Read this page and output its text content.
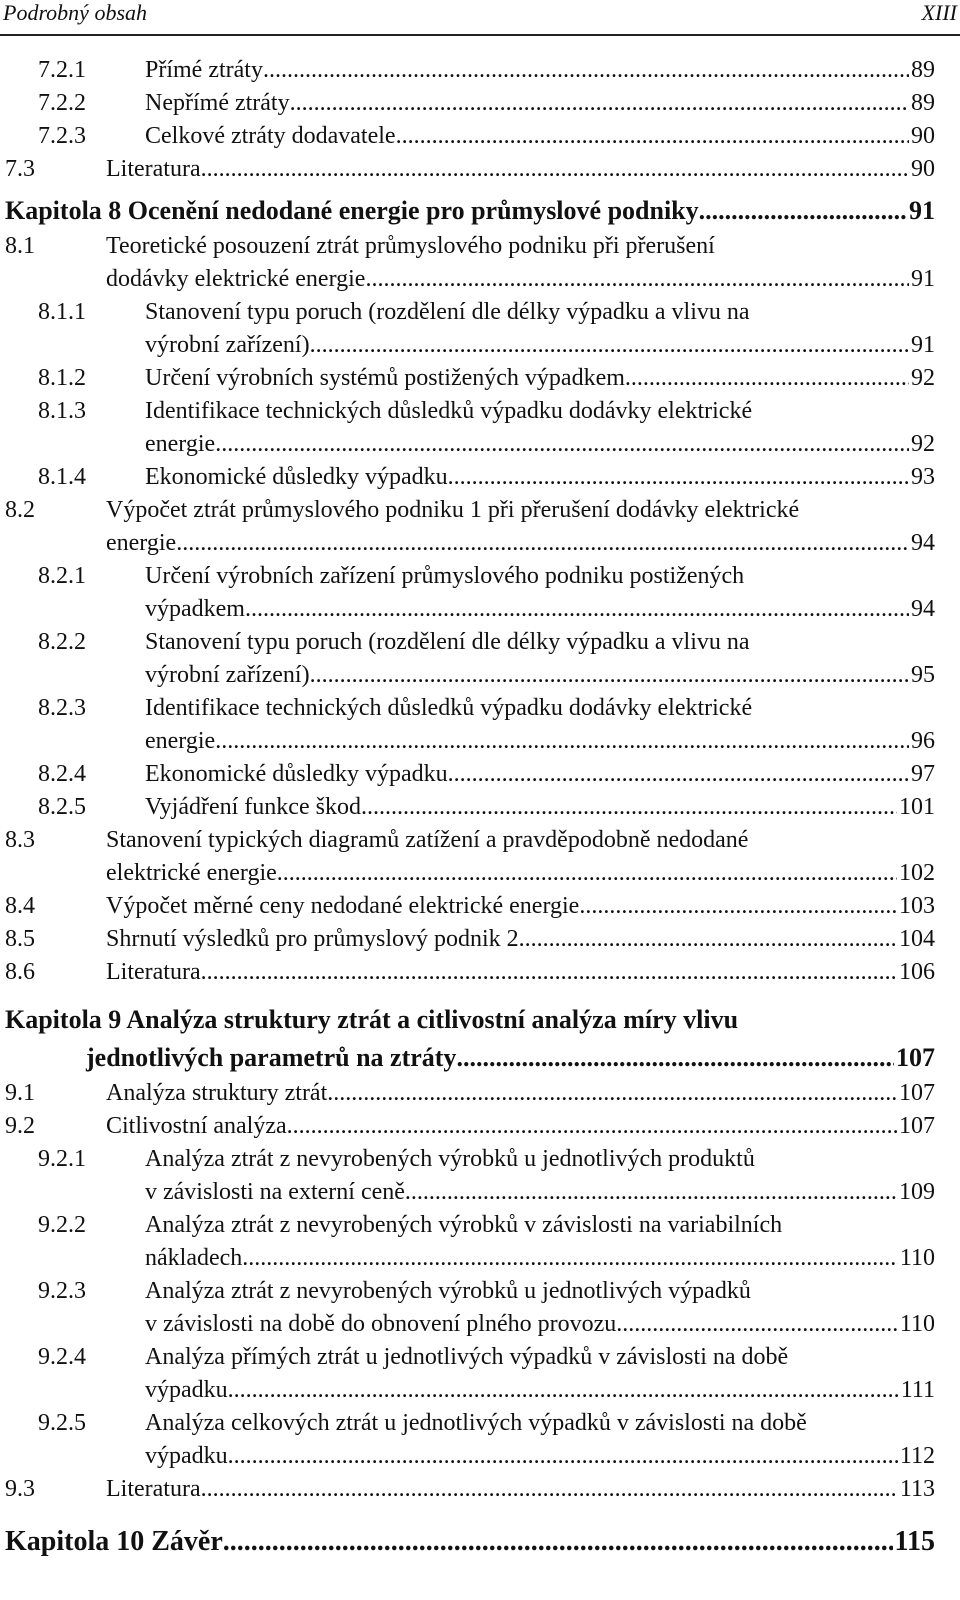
Podrobný obsah	XIII
7.2.1 Přímé ztráty .....	89
7.2.2 Nepřímé ztráty .....	89
7.2.3 Celkové ztráty dodavatele .....	90
7.3	Literatura .....	90
Kapitola 8 Ocenění nedodané energie pro průmyslové podniky .....	91
8.1	Teoretické posouzení ztrát průmyslového podniku při přerušení
dodávky elektrické energie .....	91
8.1.1 Stanovení typu poruch (rozdělení dle délky výpadku a vlivu na
výrobní zařízení) .....	91
8.1.2 Určení výrobních systémů postižených výpadkem .....	92
8.1.3 Identifikace technických důsledků výpadku dodávky elektrické
energie .....	92
8.1.4 Ekonomické důsledky výpadku .....	93
8.2	Výpočet ztrát průmyslového podniku 1 při přerušení dodávky elektrické
energie .....	94
8.2.1 Určení výrobních zařízení průmyslového podniku postižených
výpadkem .....	94
8.2.2 Stanovení typu poruch (rozdělení dle délky výpadku a vlivu na
výrobní zařízení) .....	95
8.2.3 Identifikace technických důsledků výpadku dodávky elektrické
energie .....	96
8.2.4 Ekonomické důsledky výpadku .....	97
8.2.5 Vyjádření funkce škod .....	101
8.3	Stanovení typických diagramů zatížení a pravděpodobně nedodané
elektrické energie .....	102
8.4	Výpočet měrné ceny nedodané elektrické energie .....	103
8.5	Shrnutí výsledků pro průmyslový podnik 2 .....	104
8.6	Literatura .....	106
Kapitola 9 Analýza struktury ztrát a citlivostní analýza míry vlivu
jednotlivých parametrů na ztráty .....	107
9.1	Analýza struktury ztrát .....	107
9.2	Citlivostní analýza .....	107
9.2.1 Analýza ztrát z nevyrobených výrobků u jednotlivých produktů
v závislosti na externí ceně .....	109
9.2.2 Analýza ztrát z nevyrobených výrobků v závislosti na variabilních
nákladech .....	110
9.2.3 Analýza ztrát z nevyrobených výrobků u jednotlivých výpadků
v závislosti na době do obnovení plného provozu .....	110
9.2.4 Analýza přímých ztrát u jednotlivých výpadků v závislosti na době
výpadku .....	111
9.2.5 Analýza celkových ztrát u jednotlivých výpadků v závislosti na době
výpadku .....	112
9.3	Literatura .....	113
Kapitola 10 Závěr .....	115
